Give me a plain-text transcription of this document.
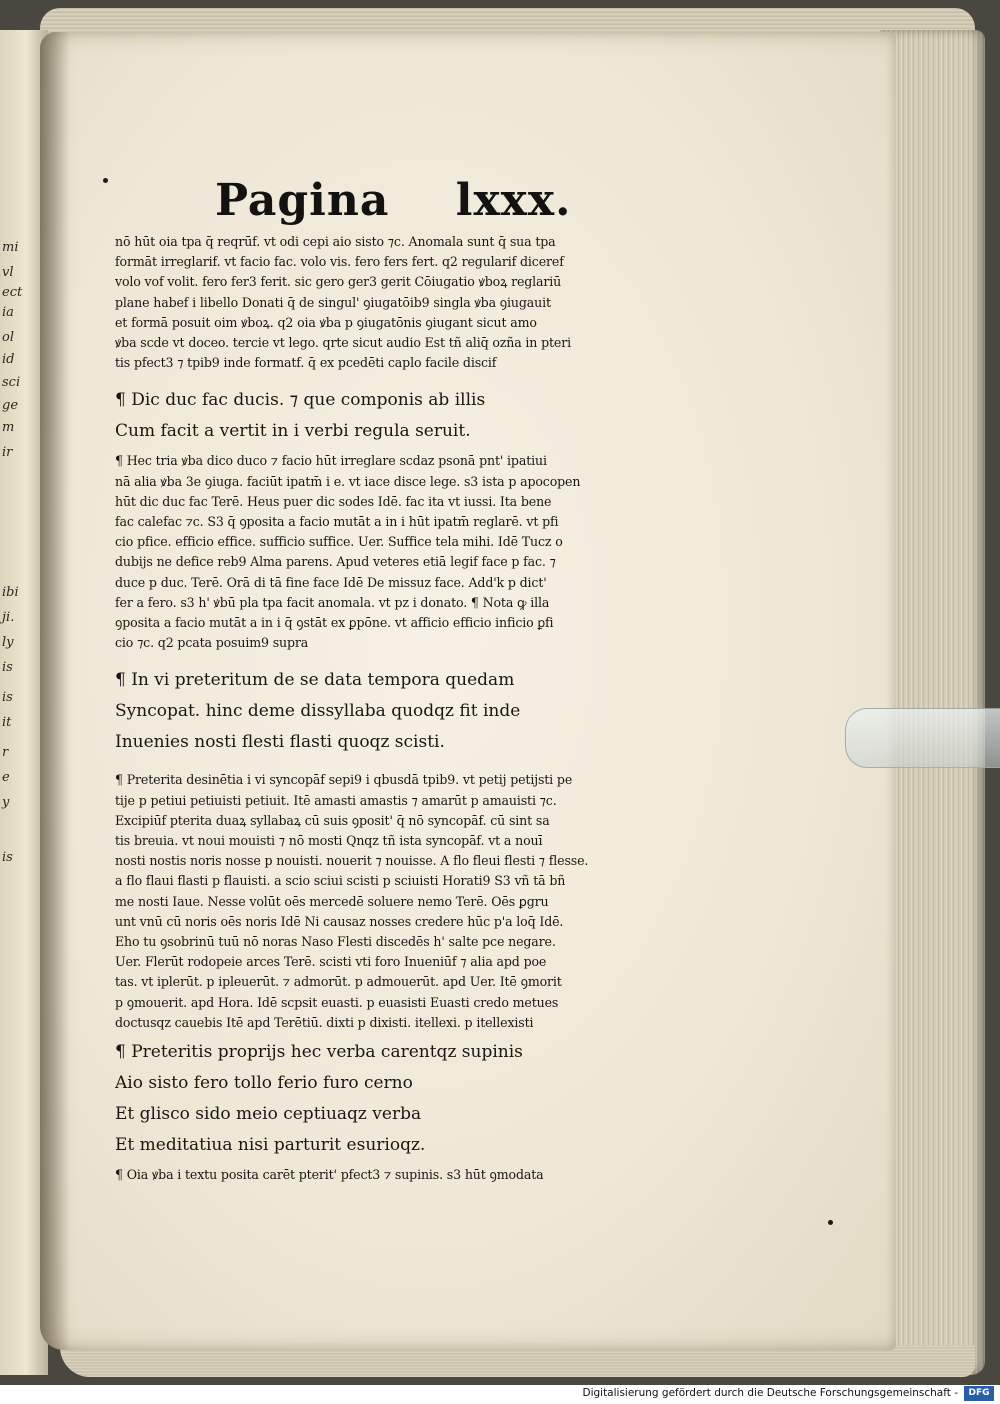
mi
vl
ect
ia
ol
id
sci
ge
m
ir
ibi
ji.
ly
is
is
it
r
e
y
is
Pagina lxxx.
nō hūt oia tpa q̄ reqrūf. vt odi cepi aio sisto ⁊c. Anomala sunt q̄ sua tpa
formāt irreglarif. vt facio fac. volo vis. fero fers fert. q2 regularif diceref
volo vof volit. fero fer3 ferit. sic gero ger3 gerit Cōiugatio ꝟboꝝ reglariū
plane habef i libello Donati q̄ de singul' ꝯiugatōib9 singla ꝟba ꝯiugauit
et formā posuit oim ꝟboꝝ. q2 oia ꝟba p ꝯiugatōnis ꝯiugant sicut amo
ꝟba scde vt doceo. tercie vt lego. qrte sicut audio Est tñ aliq̄ ozña in pteri
tis pfect3 ⁊ tpib9 inde formatf. q̄ ex pcedēti caplo facile discif
¶ Dic duc fac ducis. ⁊ que componis ab illis
Cum facit a vertit in i verbi regula seruit.
¶ Hec tria ꝟba dico duco ⁊ facio hūt irreglare scdaz psonā pnt' ipatiui
nā alia ꝟba 3e ꝯiuga. faciūt ipatm̄ i e. vt iace disce lege. s3 ista p apocopen
hūt dic duc fac Terē. Heus puer dic sodes Idē. fac ita vt iussi. Ita bene
fac calefac ⁊c. S3 q̄ ꝯposita a facio mutāt a in i hūt ipatm̄ reglarē. vt pfi
cio pfice. efficio effice. sufficio suffice. Uer. Suffice tela mihi. Idē Tucz o
dubijs ne defice reb9 Alma parens. Apud veteres etiā legif face p fac. ⁊
duce p duc. Terē. Orā di tā fine face Idē De missuz face. Add'k p dict'
fer a fero. s3 h' ꝟbū pla tpa facit anomala. vt pz i donato. ¶ Nota ꝙ illa
ꝯposita a facio mutāt a in i q̄ ꝯstāt ex ꝑpōne. vt afficio efficio inficio ꝑfi
cio ⁊c. q2 pcata posuim9 supra
¶ In vi preteritum de se data tempora quedam
Syncopat. hinc deme dissyllaba quodqz fit inde
Inuenies nosti flesti flasti quoqz scisti.
¶ Preterita desinētia i vi syncopāf sepi9 i qbusdā tpib9. vt petij petijsti pe
tije p petiui petiuisti petiuit. Itē amasti amastis ⁊ amarūt p amauisti ⁊c.
Excipiūf pterita duaꝝ syllabaꝝ cū suis ꝯposit' q̄ nō syncopāf. cū sint sa
tis breuia. vt noui mouisti ⁊ nō mosti Qnqz tñ ista syncopāf. vt a nouī
nosti nostis noris nosse p nouisti. nouerit ⁊ nouisse. A flo fleui flesti ⁊ flesse.
a flo flaui flasti p flauisti. a scio sciui scisti p sciuisti Horati9 S3 vñ tā bñ
me nosti Iaue. Nesse volūt oēs mercedē soluere nemo Terē. Oēs ꝑgru
unt vnū cū noris oēs noris Idē Ni causaz nosses credere hūc p'a loq̄ Idē.
Eho tu ꝯsobrinū tuū nō noras Naso Flesti discedēs h' salte pce negare.
Uer. Flerūt rodopeie arces Terē. scisti vti foro Inueniūf ⁊ alia apd poe
tas. vt iplerūt. p ipleuerūt. ⁊ admorūt. p admouerūt. apd Uer. Itē ꝯmorit
p ꝯmouerit. apd Hora. Idē scpsit euasti. p euasisti Euasti credo metues
doctusqz cauebis Itē apd Terētiū. dixti p dixisti. itellexi. p itellexisti
¶ Preteritis proprijs hec verba carentqz supinis
Aio sisto fero tollo ferio furo cerno
Et glisco sido meio ceptiuaqz verba
Et meditatiua nisi parturit esurioqz.
¶ Oia ꝟba i textu posita carēt pterit' pfect3 ⁊ supinis. s3 hūt ꝯmodata
Digitalisierung gefördert durch die Deutsche Forschungsgemeinschaft -	DFG
